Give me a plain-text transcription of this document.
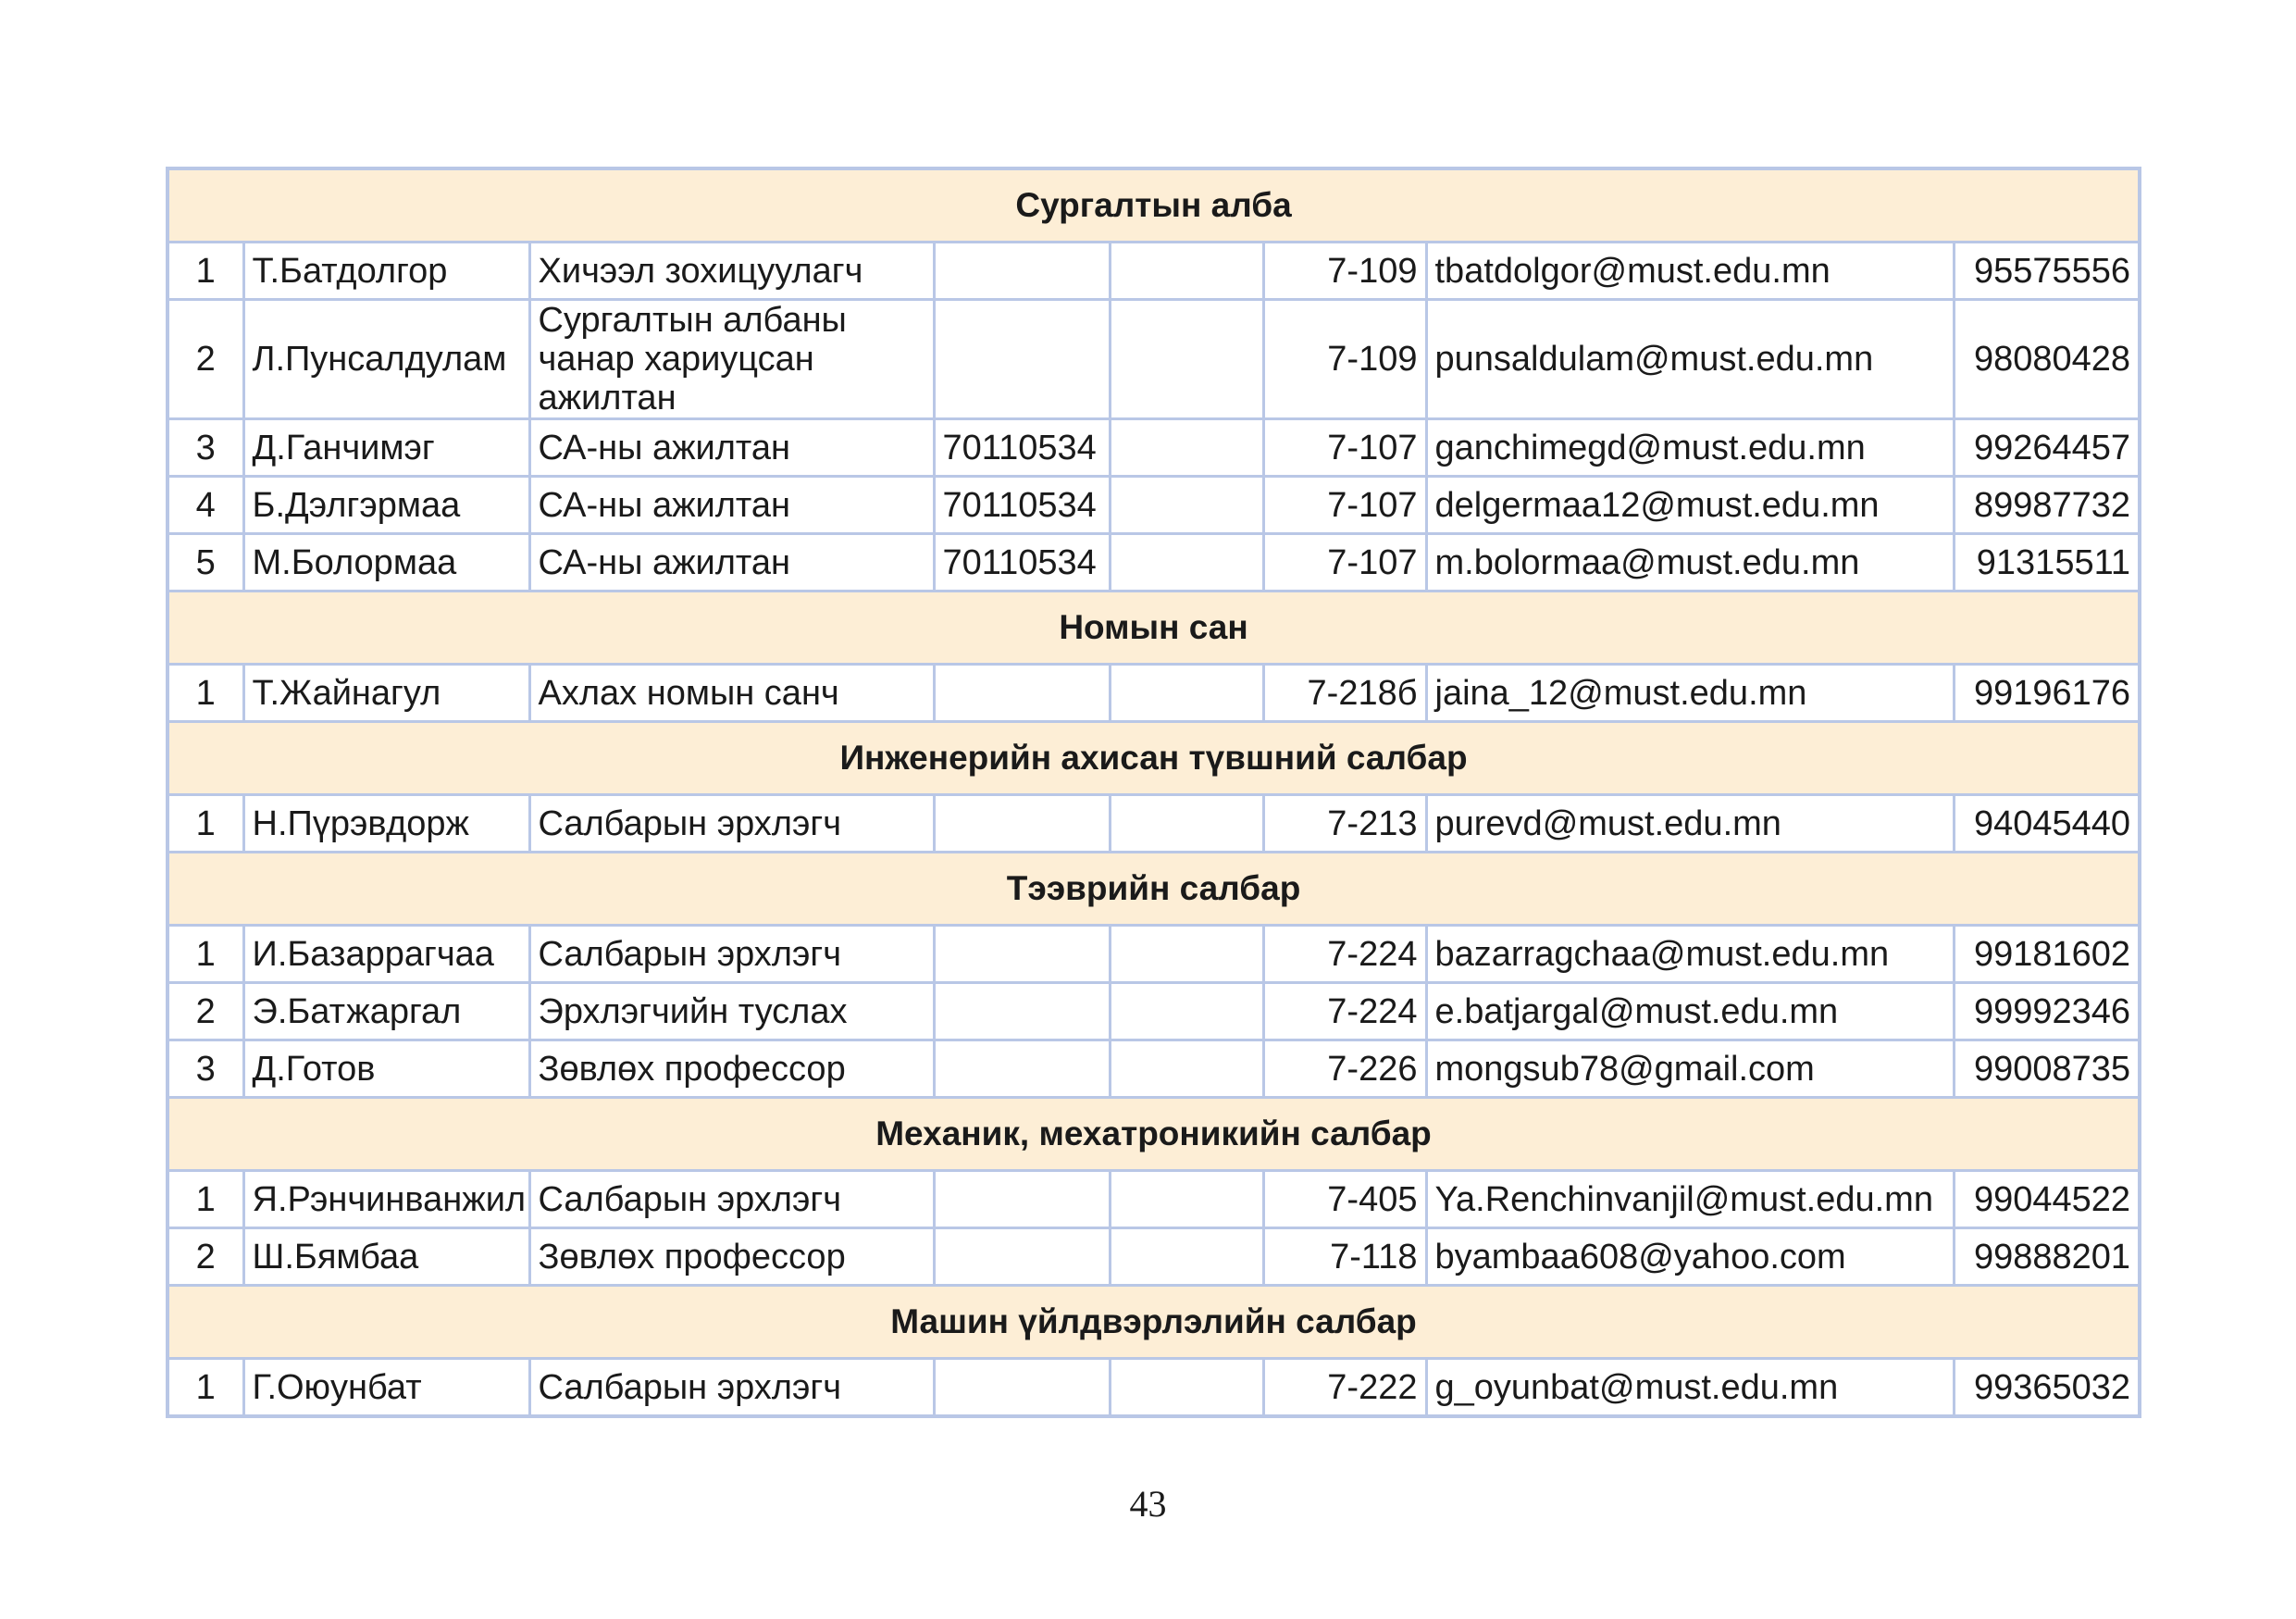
Сургалтын алба							
1	Т.Батдолгор	Хичээл зохицуулагч			7-109	tbatdolgor@must.edu.mn	95575556
2	Л.Пунсалдулам	Сургалтын албаны чанар хариуцсан ажилтан			7-109	punsaldulam@must.edu.mn	98080428
3	Д.Ганчимэг	СА-ны ажилтан	70110534		7-107	ganchimegd@must.edu.mn	99264457
4	Б.Дэлгэрмаа	СА-ны ажилтан	70110534		7-107	delgermaa12@must.edu.mn	89987732
5	М.Болормаа	СА-ны ажилтан	70110534		7-107	m.bolormaa@must.edu.mn	91315511
Номын сан							
1	Т.Жайнагул	Ахлах номын санч			7-218б	jaina_12@must.edu.mn	99196176
Инженерийн ахисан түвшний салбар							
1	Н.Пүрэвдорж	Салбарын эрхлэгч			7-213	purevd@must.edu.mn	94045440
Тээврийн салбар							
1	И.Базаррагчаа	Салбарын эрхлэгч			7-224	bazarragchaa@must.edu.mn	99181602
2	Э.Батжаргал	Эрхлэгчийн туслах			7-224	e.batjargal@must.edu.mn	99992346
3	Д.Готов	Зөвлөх профессор			7-226	mongsub78@gmail.com	99008735
Механик, мехатроникийн салбар							
1	Я.Рэнчинванжил	Салбарын эрхлэгч			7-405	Ya.Renchinvanjil@must.edu.mn	99044522
2	Ш.Бямбаа	Зөвлөх профессор			7-118	byambaa608@yahoo.com	99888201
Машин үйлдвэрлэлийн салбар							
1	Г.Оюунбат	Салбарын эрхлэгч			7-222	g_oyunbat@must.edu.mn	99365032
43
